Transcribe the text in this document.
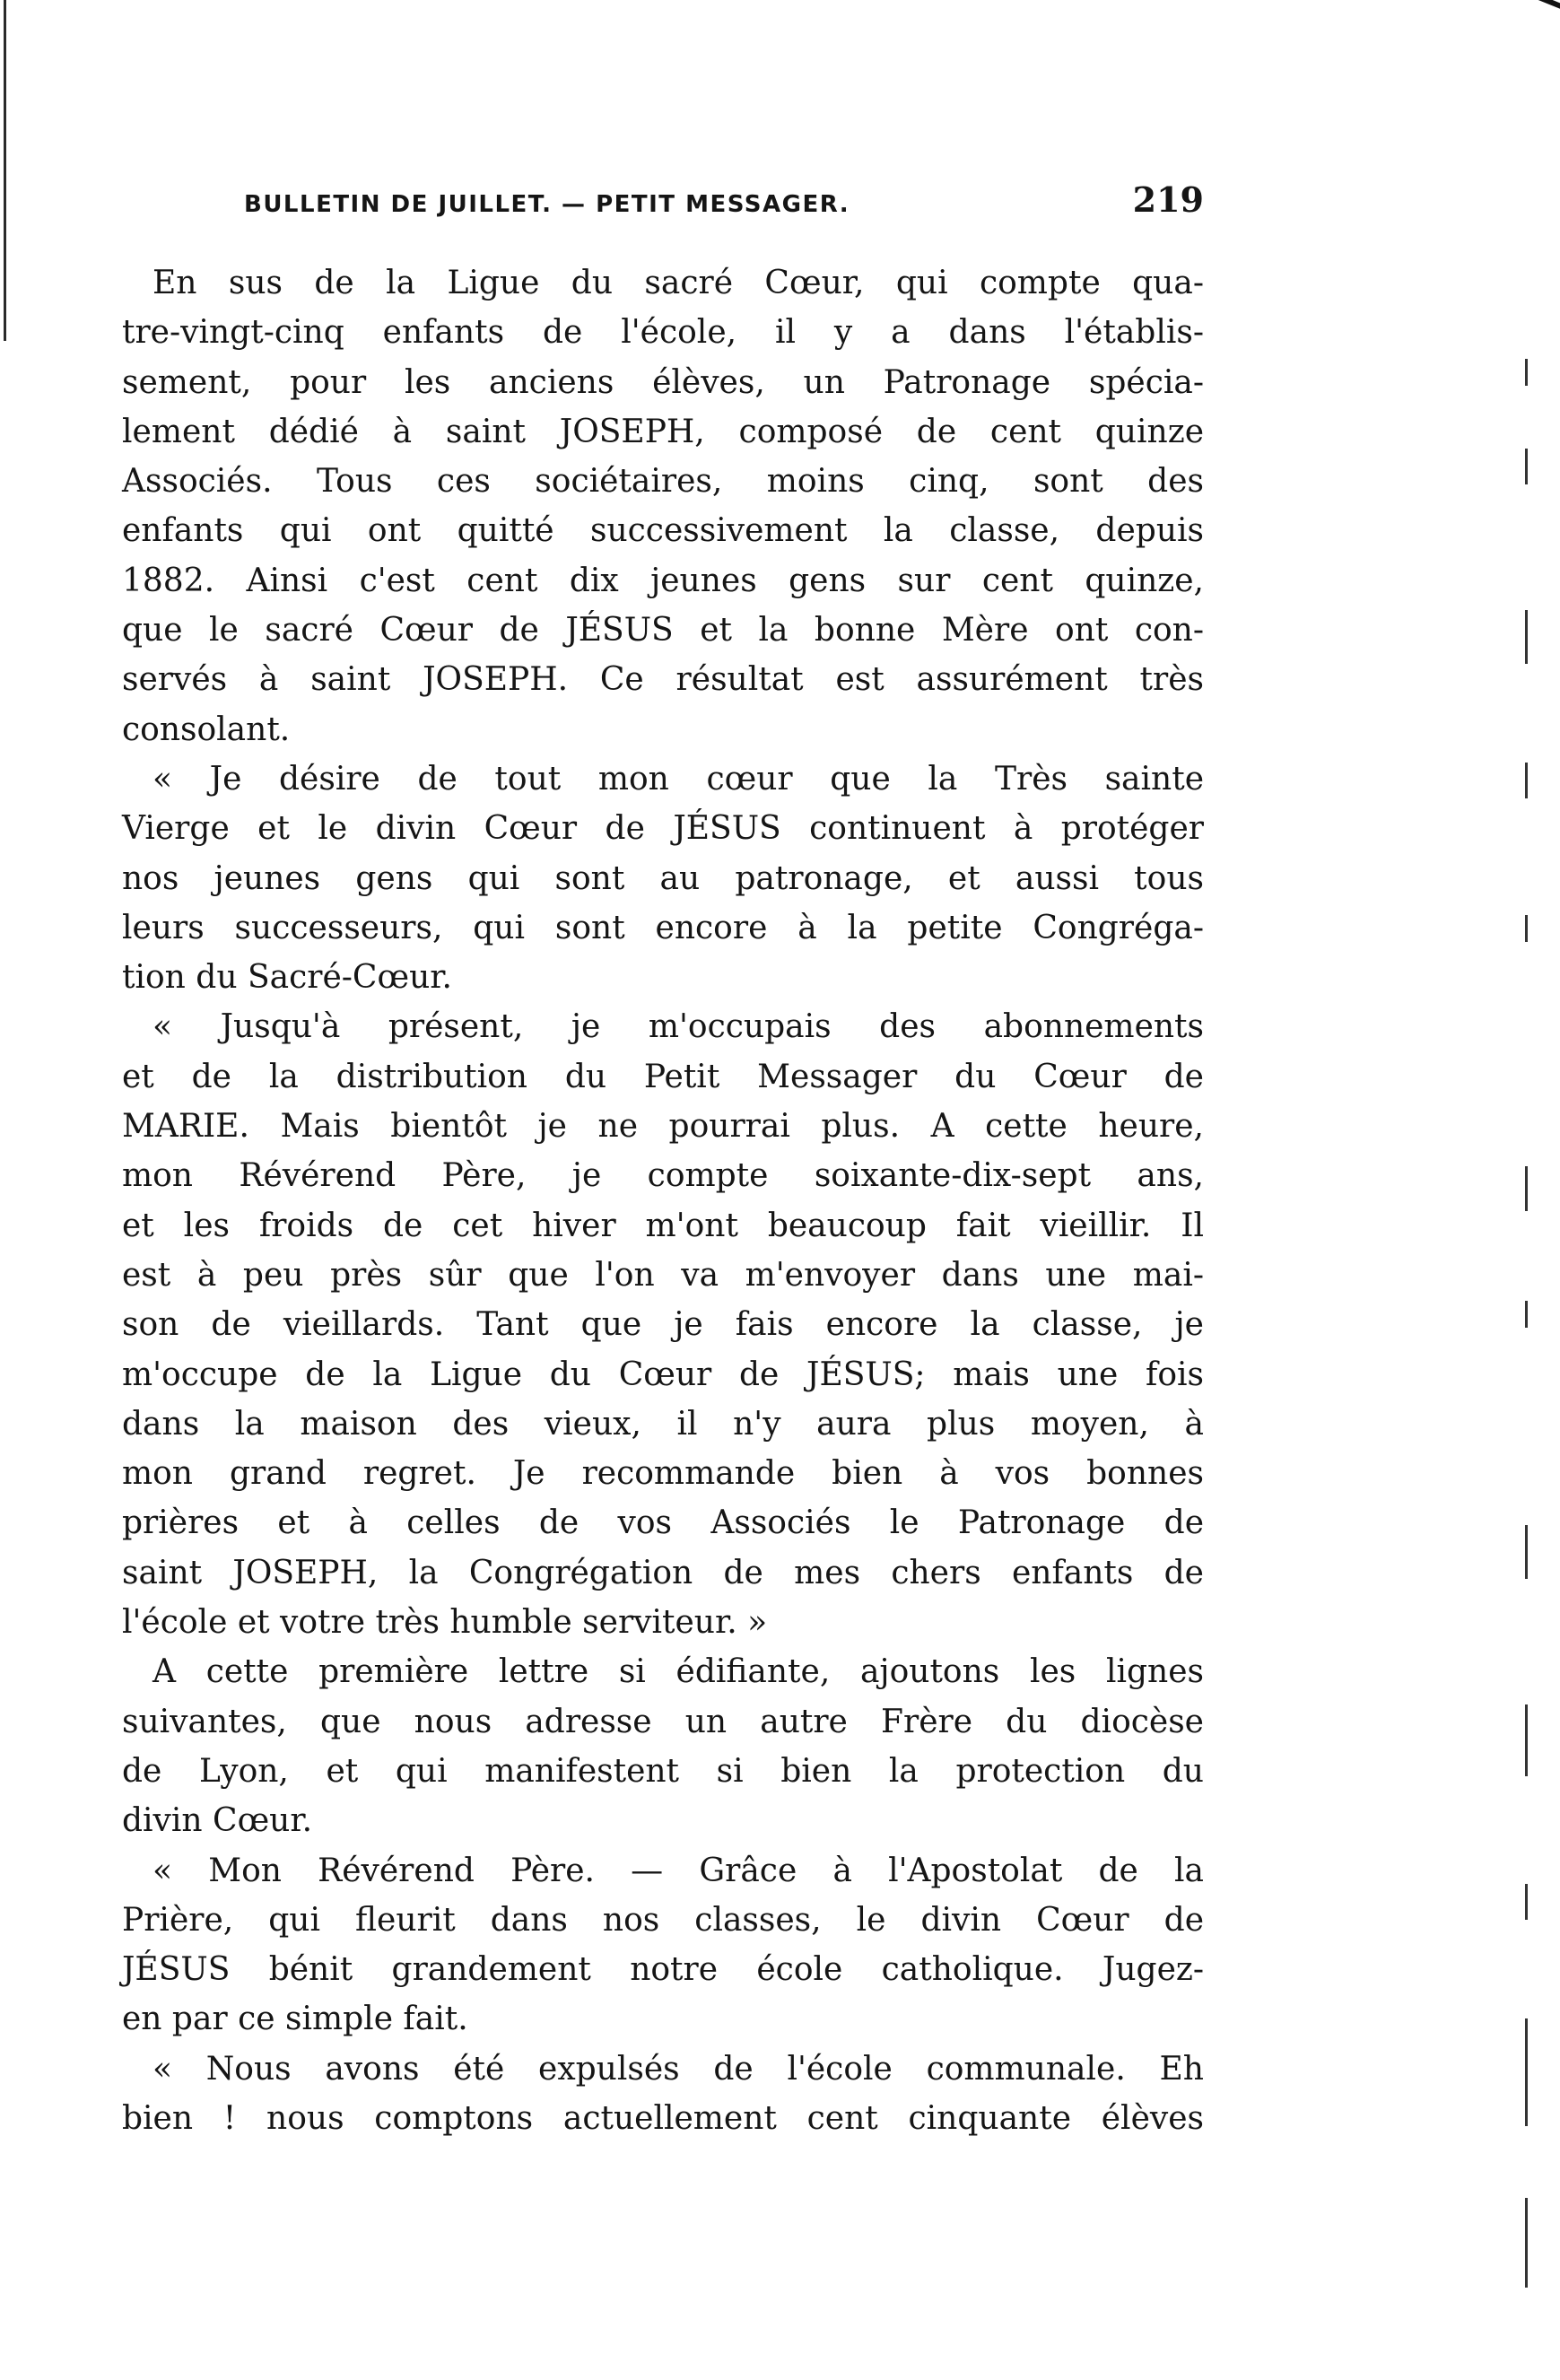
BULLETIN DE JUILLET. — PETIT MESSAGER.	219
En sus de la Ligue du sacré Cœur, qui compte qua-
tre-vingt-cinq enfants de l'école, il y a dans l'établis-
sement, pour les anciens élèves, un Patronage spécia-
lement dédié à saint JOSEPH, composé de cent quinze
Associés. Tous ces sociétaires, moins cinq, sont des
enfants qui ont quitté successivement la classe, depuis
1882. Ainsi c'est cent dix jeunes gens sur cent quinze,
que le sacré Cœur de JÉSUS et la bonne Mère ont con-
servés à saint JOSEPH. Ce résultat est assurément très
consolant.
« Je désire de tout mon cœur que la Très sainte
Vierge et le divin Cœur de JÉSUS continuent à protéger
nos jeunes gens qui sont au patronage, et aussi tous
leurs successeurs, qui sont encore à la petite Congréga-
tion du Sacré-Cœur.
« Jusqu'à présent, je m'occupais des abonnements
et de la distribution du Petit Messager du Cœur de
MARIE. Mais bientôt je ne pourrai plus. A cette heure,
mon Révérend Père, je compte soixante-dix-sept ans,
et les froids de cet hiver m'ont beaucoup fait vieillir. Il
est à peu près sûr que l'on va m'envoyer dans une mai-
son de vieillards. Tant que je fais encore la classe, je
m'occupe de la Ligue du Cœur de JÉSUS; mais une fois
dans la maison des vieux, il n'y aura plus moyen, à
mon grand regret. Je recommande bien à vos bonnes
prières et à celles de vos Associés le Patronage de
saint JOSEPH, la Congrégation de mes chers enfants de
l'école et votre très humble serviteur. »
A cette première lettre si édifiante, ajoutons les lignes
suivantes, que nous adresse un autre Frère du diocèse
de Lyon, et qui manifestent si bien la protection du
divin Cœur.
« Mon Révérend Père. — Grâce à l'Apostolat de la
Prière, qui fleurit dans nos classes, le divin Cœur de
JÉSUS bénit grandement notre école catholique. Jugez-
en par ce simple fait.
« Nous avons été expulsés de l'école communale. Eh
bien ! nous comptons actuellement cent cinquante élèves
